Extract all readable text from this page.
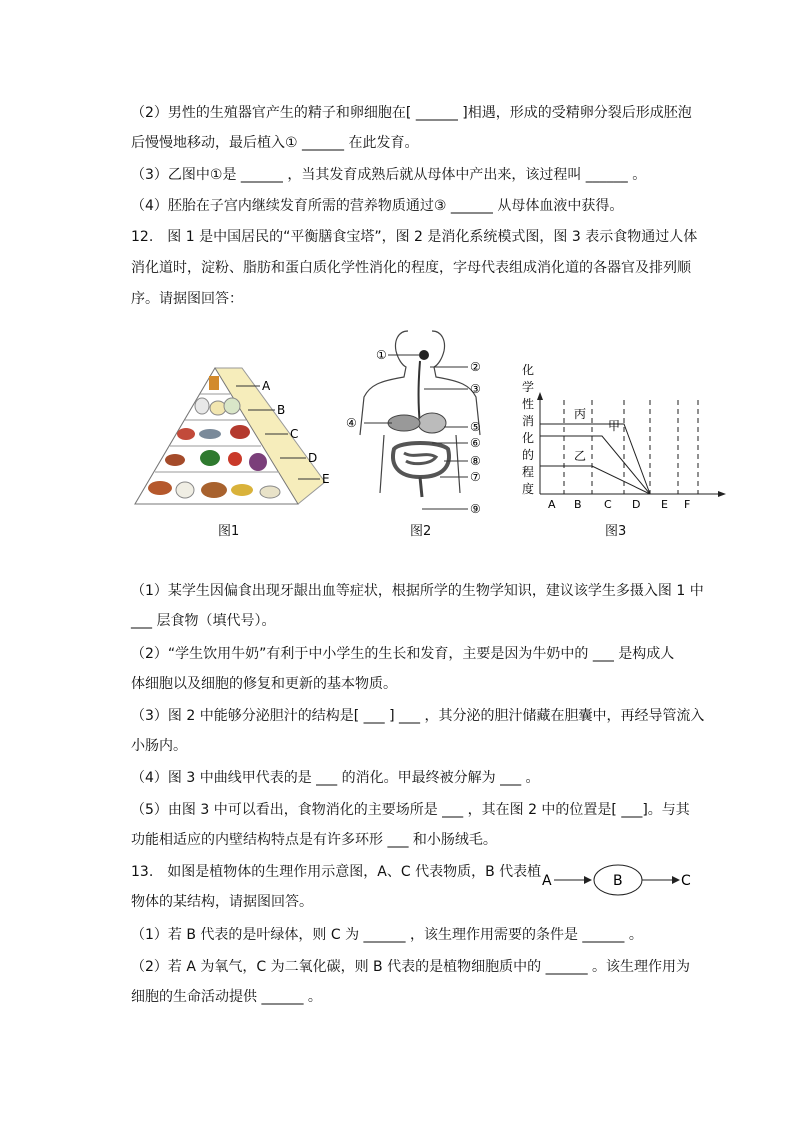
（2）男性的生殖器官产生的精子和卵细胞在[ ______ ]相遇，形成的受精卵分裂后形成胚泡
后慢慢地移动，最后植入① ______ 在此发育。
（3）乙图中①是 ______ ，当其发育成熟后就从母体中产出来，该过程叫 ______ 。
（4）胚胎在子宫内继续发育所需的营养物质通过③ ______ 从母体血液中获得。
12.　图 1 是中国居民的“平衡膳食宝塔”，图 2 是消化系统模式图，图 3 表示食物通过人体
消化道时，淀粉、脂肪和蛋白质化学性消化的程度，字母代表组成消化道的各器官及排列顺
序。请据图回答：
A
B
C
D
E
图1
①
②
③
④	⑤
⑥
⑧
⑦
⑨
图2
化
学
性
消
化
的
程
度
丙
甲
乙
A B C D E F
图3
（1）某学生因偏食出现牙龈出血等症状，根据所学的生物学知识，建议该学生多摄入图 1 中
___ 层食物（填代号）。
（2）“学生饮用牛奶”有利于中小学生的生长和发育，主要是因为牛奶中的 ___ 是构成人
体细胞以及细胞的修复和更新的基本物质。
（3）图 2 中能够分泌胆汁的结构是[ ___ ] ___ ，其分泌的胆汁储藏在胆囊中，再经导管流入
小肠内。
（4）图 3 中曲线甲代表的是 ___ 的消化。甲最终被分解为 ___ 。
（5）由图 3 中可以看出，食物消化的主要场所是 ___ ，其在图 2 中的位置是[ ___]。与其
功能相适应的内壁结构特点是有许多环形 ___ 和小肠绒毛。
13.　如图是植物体的生理作用示意图，A、C 代表物质，B 代表植
物体的某结构，请据图回答。
A	B	C
（1）若 B 代表的是叶绿体，则 C 为 ______ ，该生理作用需要的条件是 ______ 。
（2）若 A 为氧气，C 为二氧化碳，则 B 代表的是植物细胞质中的 ______ 。该生理作用为
细胞的生命活动提供 ______ 。
